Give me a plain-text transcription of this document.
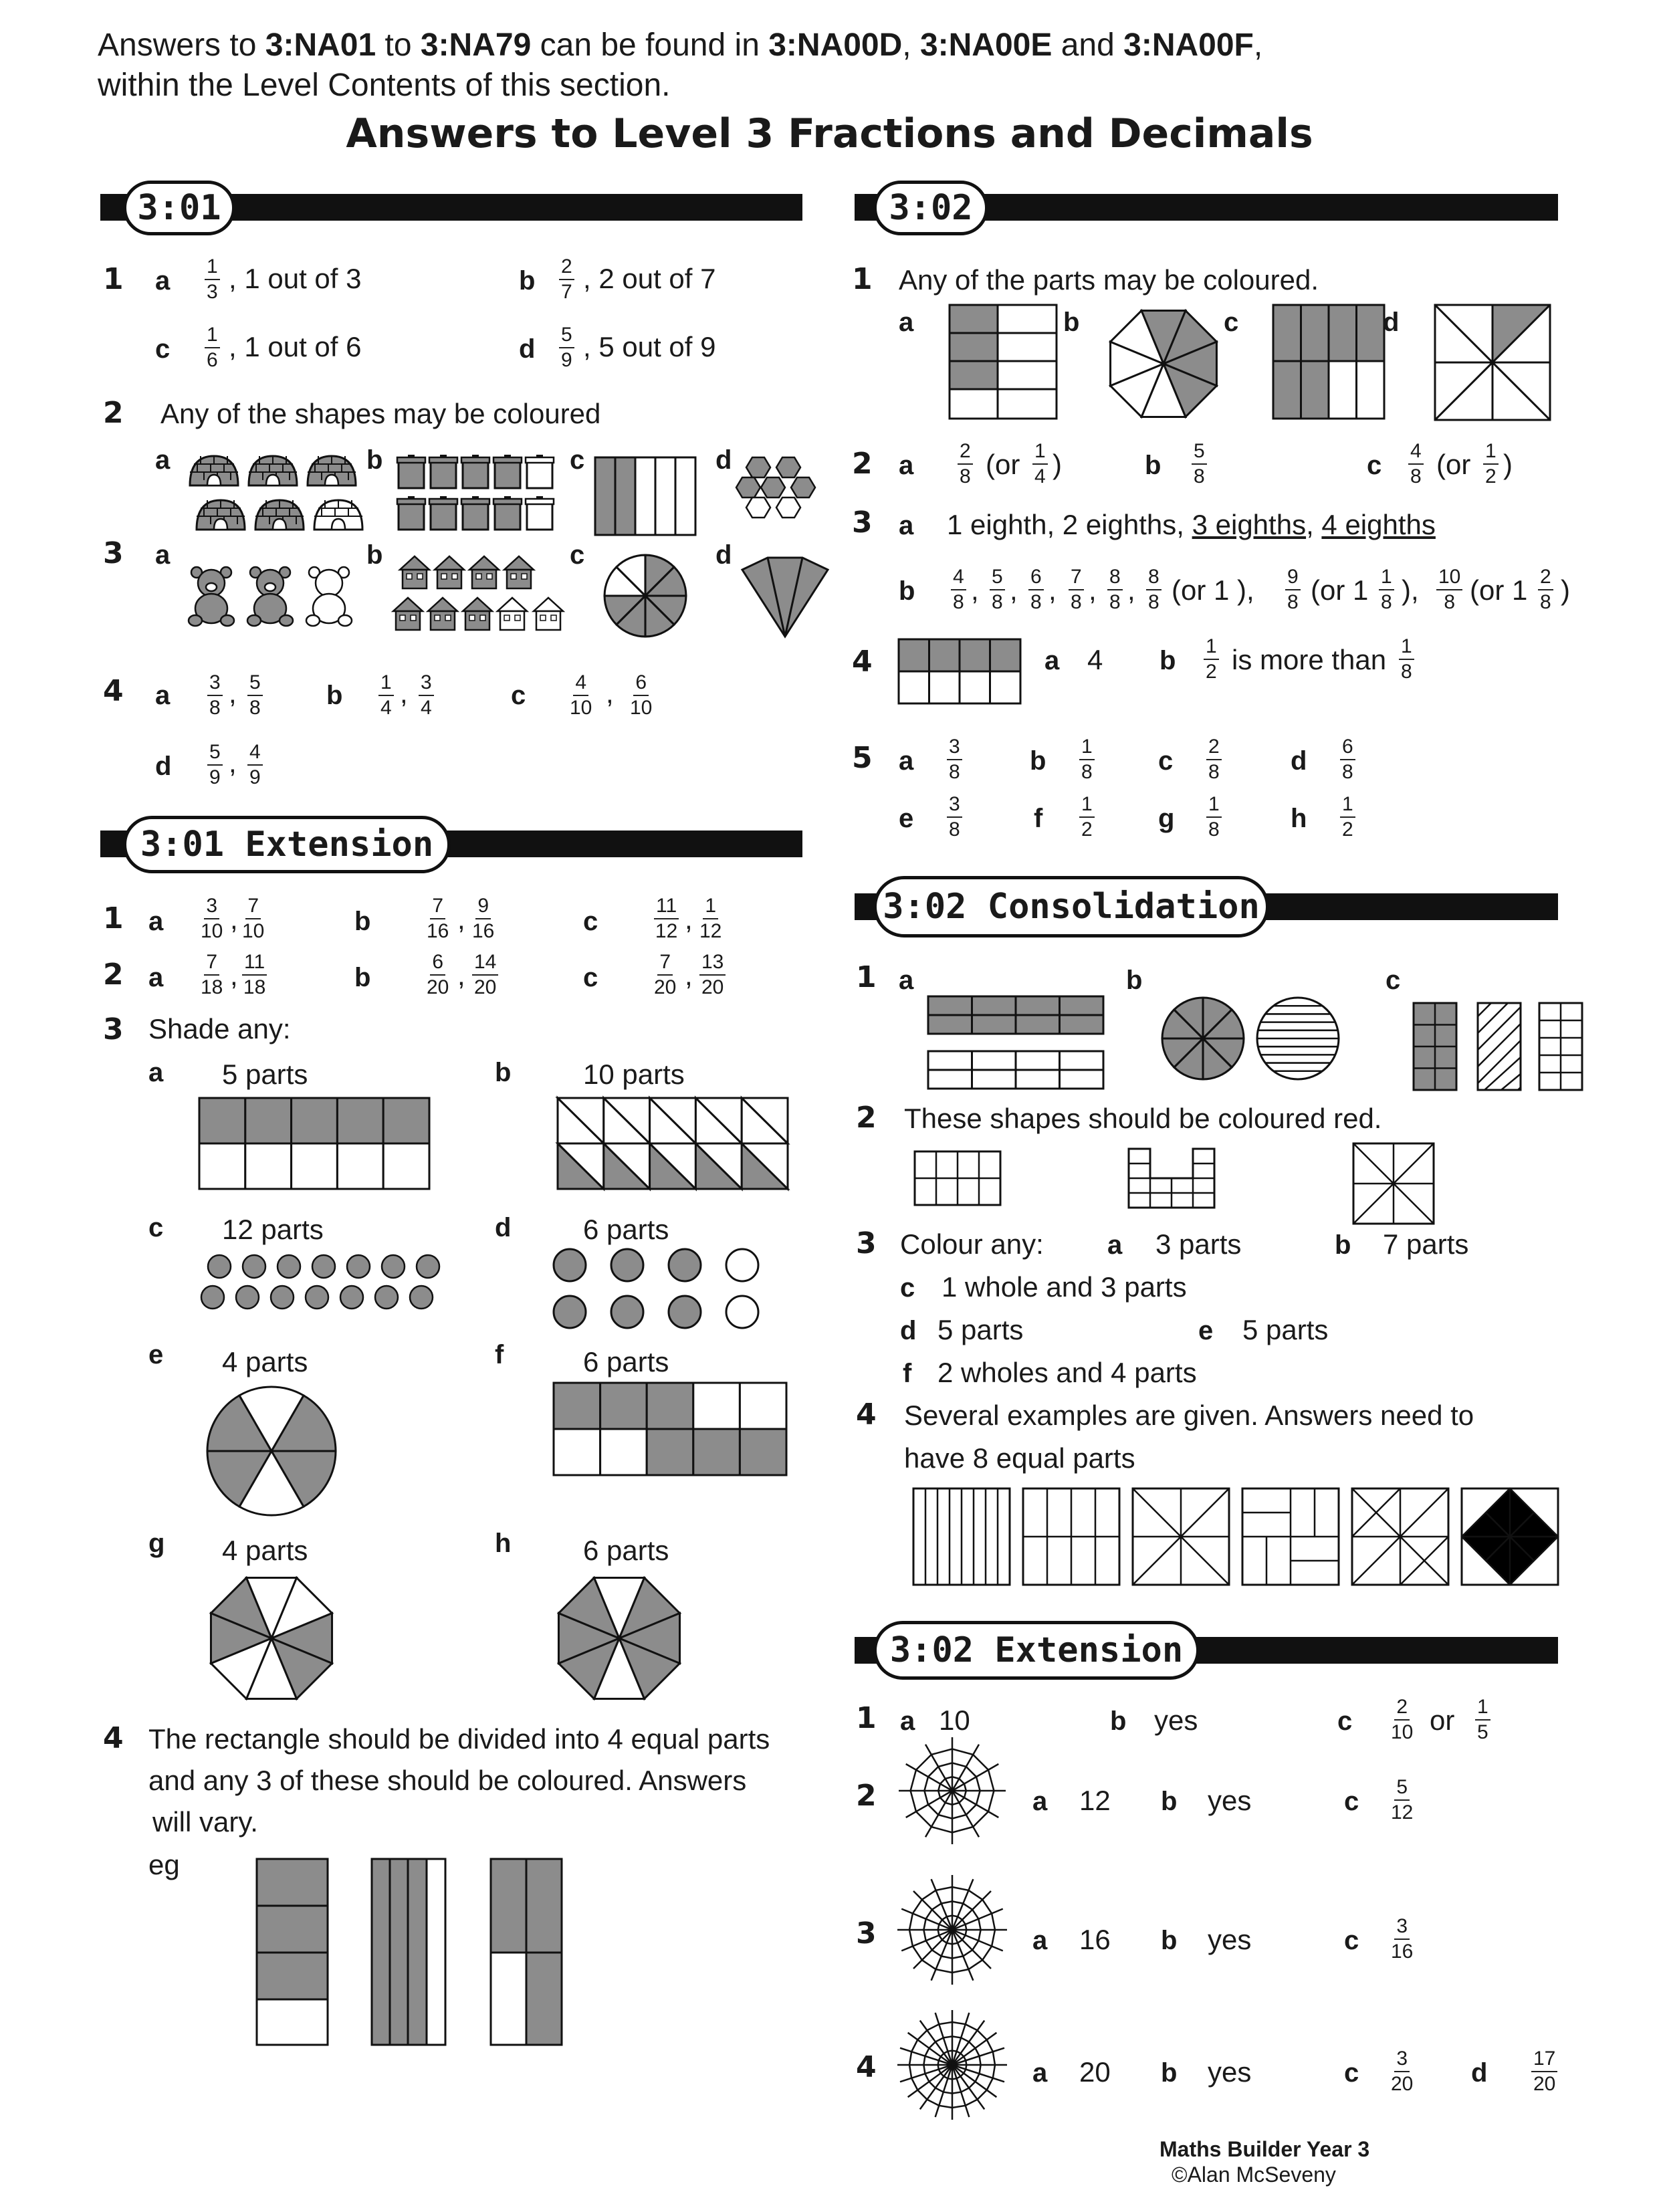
Answers to 3:NA01 to 3:NA79 can be found in 3:NA00D, 3:NA00E and 3:NA00F,
within the Level Contents of this section.
Answers to Level 3 Fractions and Decimals
3:01
3:01 Extension
3:02
3:02 Consolidation
3:02 Extension
1 a $\frac{1}{3}$ , 1 out of 3	b $\frac{2}{7}$ , 2 out of 7
c $\frac{1}{6}$ , 1 out of 6	d $\frac{5}{9}$ , 5 out of 9
2 Any of the shapes may be coloured
a	b	c	d
3 a	b	c	d
4 a $\frac{3}{8}$ , $\frac{5}{8}$ b $\frac{1}{4}$ , $\frac{3}{4}$	c $\frac{4}{10}$ , $\frac{6}{10}$
d $\frac{5}{9}$ , $\frac{4}{9}$
1 a $\frac{3}{10}$ , $\frac{7}{10}$	b	$\frac{7}{16}$ , $\frac{9}{16}$	c	$\frac{11}{12}$ , $\frac{1}{12}$
2 a $\frac{7}{18}$ , $\frac{11}{18}$	b	$\frac{6}{20}$ , $\frac{14}{20}$	c	$\frac{7}{20}$ , $\frac{13}{20}$
3 Shade any:
a 5 parts	b	10 parts
c 12 parts	d	6 parts
e 4 parts	f	6 parts
g 4 parts	h	6 parts
4 The rectangle should be divided into 4 equal parts
and any 3 of these should be coloured. Answers
will vary.
eg
1 Any of the parts may be coloured.
a	b	c	d
2 a $\frac{2}{8} (or \frac{1}{4}$ )	b $\frac{5}{8}$	c $\frac{4}{8} (or \frac{1}{2}$ )
3 a 1 eighth, 2 eighths, 3 eighths, 4 eighths
b $\frac{4}{8}$ , $\frac{5}{8}$ , $\frac{6}{8}$ , $\frac{7}{8}$ , $\frac{8}{8}$ , $\frac{8}{8} (or$ 1 ), $\frac{9}{8} (or$ $1 \frac{1}{8}$ ), $\frac{10}{8} (or$ $1 \frac{2}{8}$ )
4	a 4 b $\frac{1}{2}$ is more than $\frac{1}{8}$
5 a $\frac{3}{8}$	b $\frac{1}{8}$ c $\frac{2}{8}$	d $\frac{6}{8}$
e $\frac{3}{8}$	f $\frac{1}{2}$ g $\frac{1}{8}$	h $\frac{1}{2}$
1 a	b	c
2 These shapes should be coloured red.
3 Colour any: a 3 parts	b 7 parts
c 1 whole and 3 parts
d 5 parts	e 5 parts
f 2 wholes and 4 parts
4 Several examples are given. Answers need to
have 8 equal parts
1 a 10	b yes	c $\frac{2}{10}$ or $\frac{1}{5}$
2	a 12 b yes	c $\frac{5}{12}$
3	a 16 b yes	c $\frac{3}{16}$
4	a 20 b yes	c $\frac{3}{20}$ d $\frac{17}{20}$
Maths Builder Year 3
©Alan McSeveny
